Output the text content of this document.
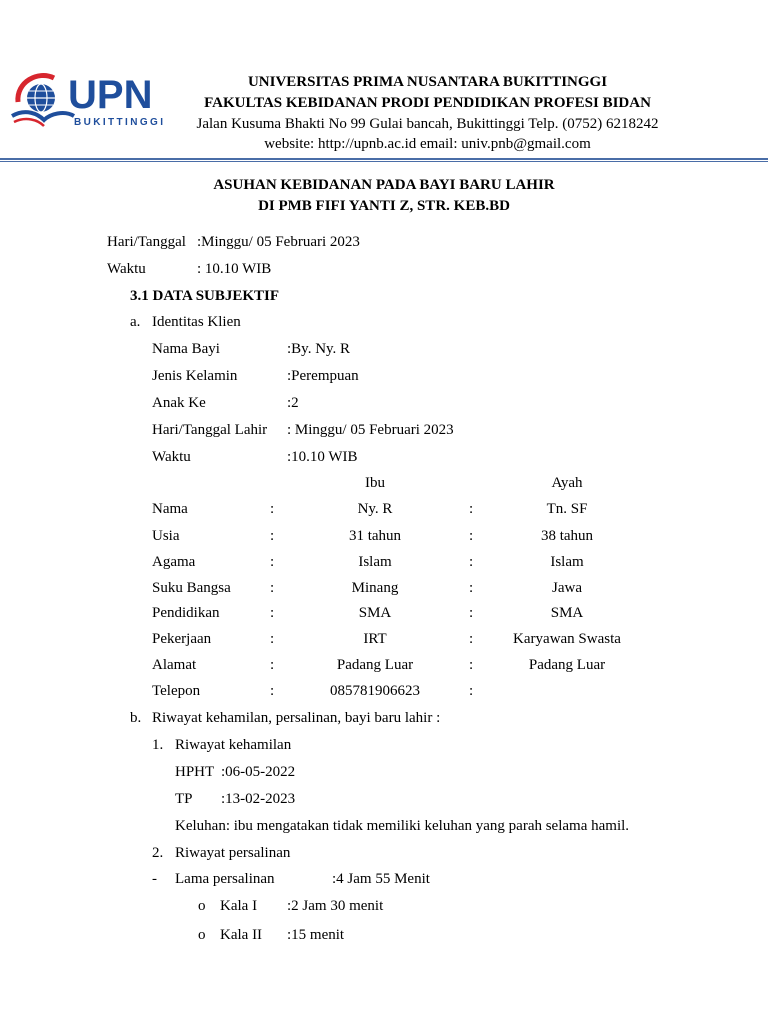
UPN
BUKITTINGGI
UNIVERSITAS PRIMA NUSANTARA BUKITTINGGI
FAKULTAS KEBIDANAN PRODI PENDIDIKAN PROFESI BIDAN
Jalan Kusuma Bhakti No 99 Gulai bancah, Bukittinggi Telp. (0752) 6218242
website: http://upnb.ac.id email: univ.pnb@gmail.com
ASUHAN KEBIDANAN PADA BAYI BARU LAHIR
DI PMB FIFI YANTI Z, STR. KEB.BD
Hari/Tanggal :Minggu/ 05 Februari 2023
Waktu	: 10.10 WIB
3.1 DATA SUBJEKTIF
a. Identitas Klien
Nama Bayi	:By. Ny. R
Jenis Kelamin	:Perempuan
Anak Ke	:2
Hari/Tanggal Lahir : Minggu/ 05 Februari 2023
Waktu	:10.10 WIB
Ibu	Ayah
Nama	:	Ny. R	:	Tn. SF
Usia	:	31 tahun	:	38 tahun
Agama	:	Islam	:	Islam
Suku Bangsa	:	Minang	:	Jawa
Pendidikan	:	SMA	:	SMA
Pekerjaan	:	IRT	:	Karyawan Swasta
Alamat	:	Padang Luar	:	Padang Luar
Telepon	:	085781906623	:
b. Riwayat kehamilan, persalinan, bayi baru lahir :
1. Riwayat kehamilan
HPHT :06-05-2022
TP :13-02-2023
Keluhan: ibu mengatakan tidak memiliki keluhan yang parah selama hamil.
2. Riwayat persalinan
- Lama persalinan	:4 Jam 55 Menit
o Kala I :2 Jam 30 menit
o Kala II :15 menit
